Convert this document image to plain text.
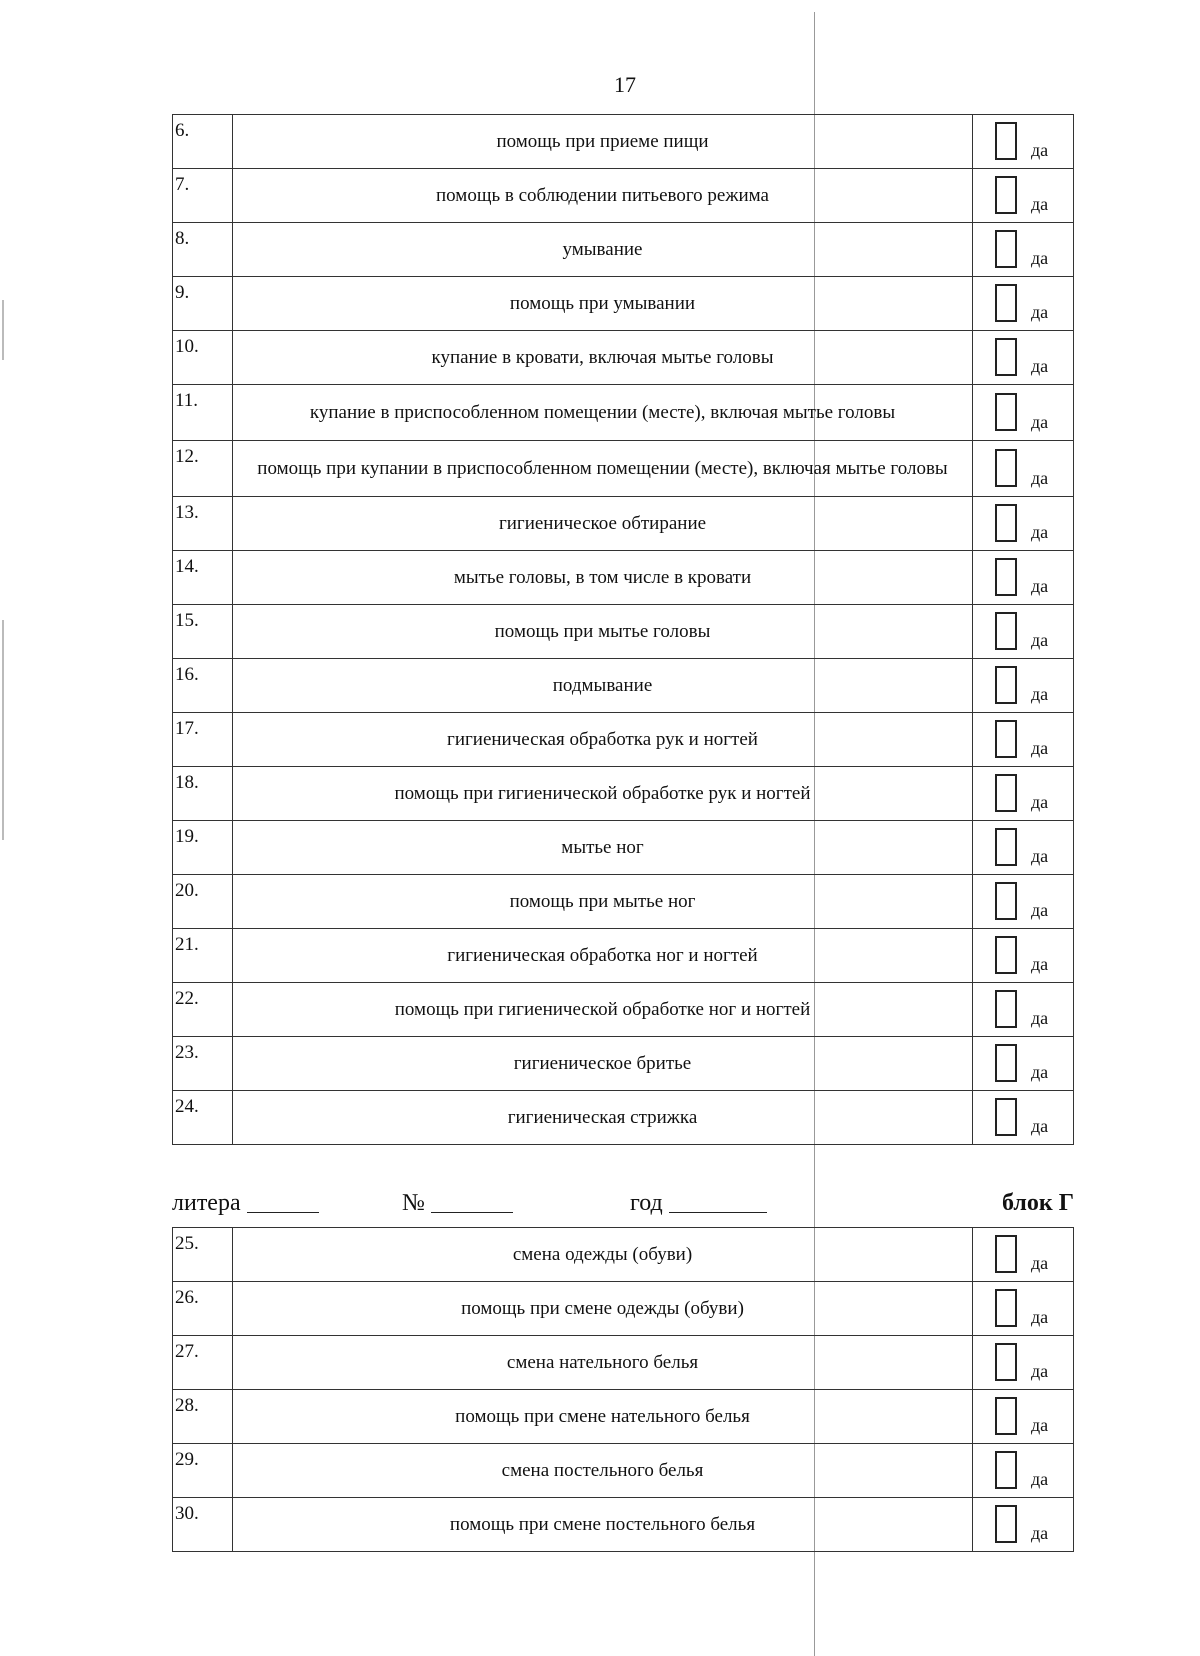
17
6.	помощь при приеме пищи	да

7.	помощь в соблюдении питьевого режима	да

8.	умывание	да

9.	помощь при умывании	да

10.	купание в кровати, включая мытье головы	да

11.	купание в приспособленном помещении (месте), включая мытье головы	да

12.	помощь при купании в приспособленном помещении (месте), включая мытье головы	да

13.	гигиеническое обтирание	да

14.	мытье головы, в том числе в кровати	да

15.	помощь при мытье головы	да

16.	подмывание	да

17.	гигиеническая обработка рук и ногтей	да

18.	помощь при гигиенической обработке рук и ногтей	да

19.	мытье ног	да

20.	помощь при мытье ног	да

21.	гигиеническая обработка ног и ногтей	да

22.	помощь при гигиенической обработке ног и ногтей	да

23.	гигиеническое бритье	да

24.	гигиеническая стрижка	да
литера	№	год	блок Г
25.	смена одежды (обуви)	да

26.	помощь при смене одежды (обуви)	да

27.	смена нательного белья	да

28.	помощь при смене нательного белья	да

29.	смена постельного белья	да

30.	помощь при смене постельного белья	да
